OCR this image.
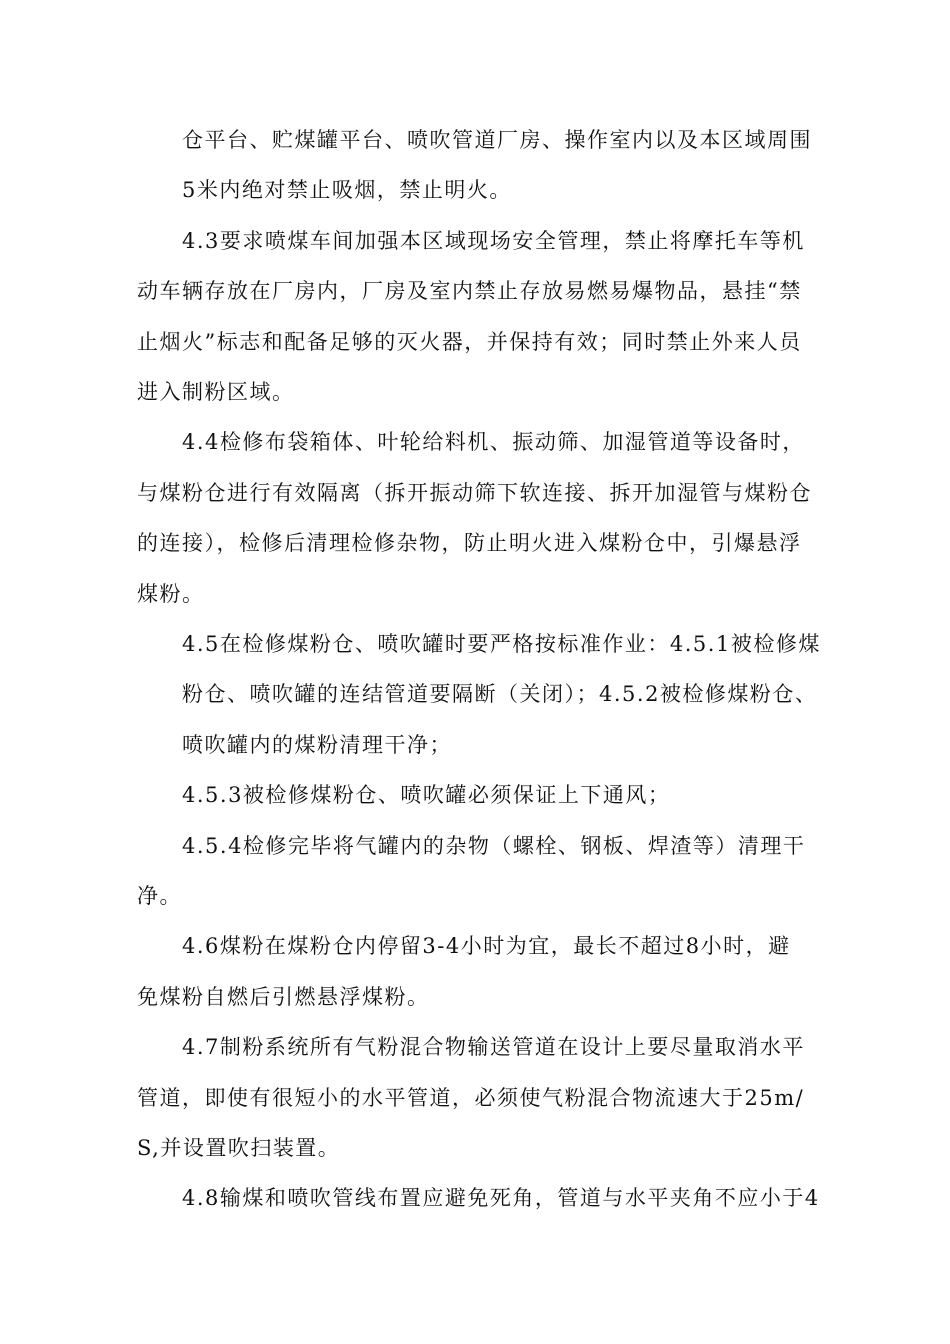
仓平台、贮煤罐平台、喷吹管道厂房、操作室内以及本区域周围
5米内绝对禁止吸烟，禁止明火。
4.3要求喷煤车间加强本区域现场安全管理，禁止将摩托车等机
动车辆存放在厂房内，厂房及室内禁止存放易燃易爆物品，悬挂“禁
止烟火”标志和配备足够的灭火器，并保持有效；同时禁止外来人员
进入制粉区域。
4.4检修布袋箱体、叶轮给料机、振动筛、加湿管道等设备时，
与煤粉仓进行有效隔离（拆开振动筛下软连接、拆开加湿管与煤粉仓
的连接），检修后清理检修杂物，防止明火进入煤粉仓中，引爆悬浮
煤粉。
4.5在检修煤粉仓、喷吹罐时要严格按标准作业：4.5.1被检修煤
粉仓、喷吹罐的连结管道要隔断（关闭）；4.5.2被检修煤粉仓、
喷吹罐内的煤粉清理干净；
4.5.3被检修煤粉仓、喷吹罐必须保证上下通风；
4.5.4检修完毕将气罐内的杂物（螺栓、钢板、焊渣等）清理干
净。
4.6煤粉在煤粉仓内停留3-4小时为宜，最长不超过8小时，避
免煤粉自燃后引燃悬浮煤粉。
4.7制粉系统所有气粉混合物输送管道在设计上要尽量取消水平
管道，即使有很短小的水平管道，必须使气粉混合物流速大于25m/
S,并设置吹扫装置。
4.8输煤和喷吹管线布置应避免死角，管道与水平夹角不应小于4
